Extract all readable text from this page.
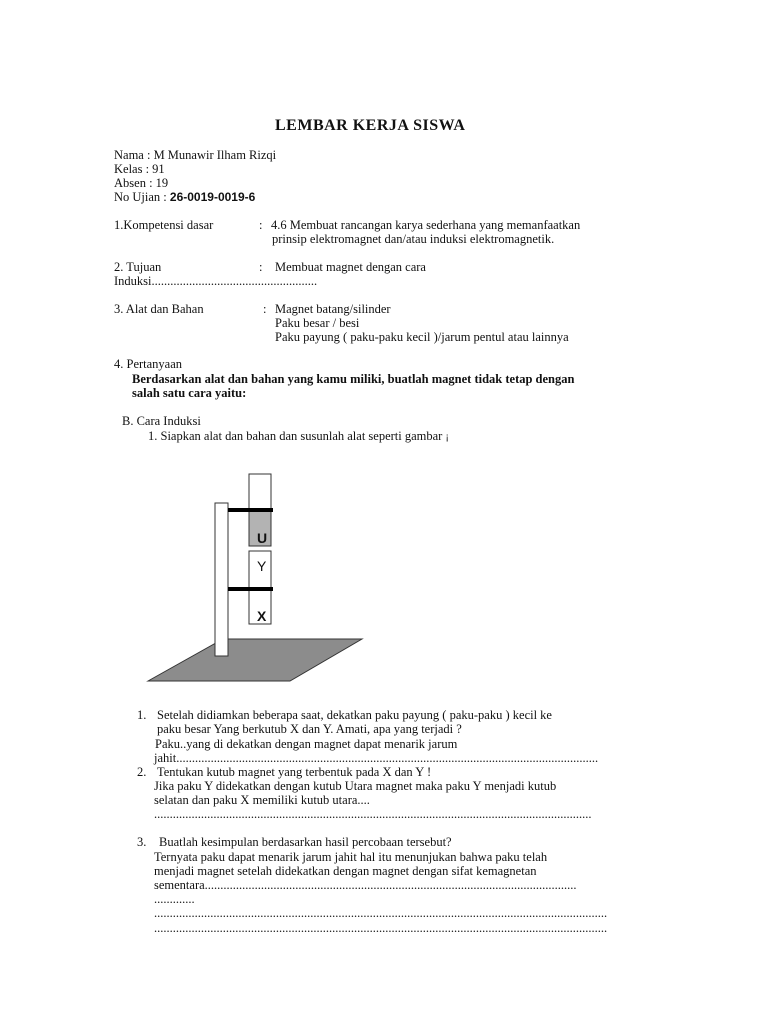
LEMBAR KERJA SISWA
Nama : M Munawir Ilham Rizqi
Kelas : 91
Absen : 19
No Ujian : 26-0019-0019-6
1.Kompetensi dasar	: 4.6 Membuat rancangan karya sederhana yang memanfaatkan
prinsip elektromagnet dan/atau induksi elektromagnetik.
2. Tujuan	: Membuat magnet dengan cara
Induksi.....................................................
3. Alat dan Bahan	: Magnet batang/silinder
Paku besar / besi
Paku payung ( paku-paku kecil )/jarum pentul atau lainnya
4. Pertanyaan
Berdasarkan alat dan bahan yang kamu miliki, buatlah magnet tidak tetap dengan
salah satu cara yaitu:
B. Cara Induksi
1. Siapkan alat dan bahan dan susunlah alat seperti gambar ¡
U
Y
X
1. Setelah didiamkan beberapa saat, dekatkan paku payung ( paku-paku ) kecil ke
paku besar Yang berkutub X dan Y. Amati, apa yang terjadi ?
Paku..yang di dekatkan dengan magnet dapat menarik jarum
jahit.......................................................................................................................................
2. Tentukan kutub magnet yang terbentuk pada X dan Y !
Jika paku Y didekatkan dengan kutub Utara magnet maka paku Y menjadi kutub
selatan dan paku X memiliki kutub utara....
............................................................................................................................................
3. Buatlah kesimpulan berdasarkan hasil percobaan tersebut?
Ternyata paku dapat menarik jarum jahit hal itu menunjukan bahwa paku telah
menjadi magnet setelah didekatkan dengan magnet dengan sifat kemagnetan
sementara.......................................................................................................................
.............
.................................................................................................................................................
.................................................................................................................................................
